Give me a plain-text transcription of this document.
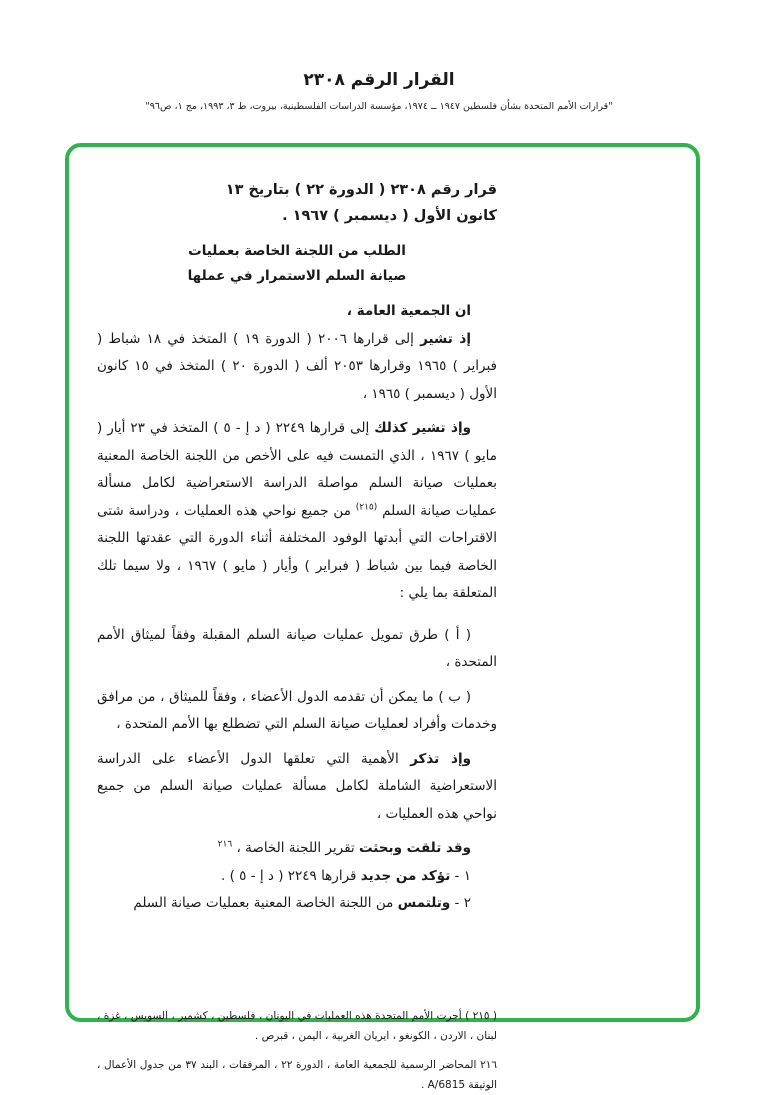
القرار الرقم ٢٣٠٨
"قرارات الأمم المتحدة بشأن فلسطين ١٩٤٧ ــ ١٩٧٤، مؤسسة الدراسات الفلسطينية، بيروت، ط ٣، ١٩٩٣، مج ١، ص٩٦"

قرار رقم ٢٣٠٨ ( الدورة ٢٢ ) بتاريخ ١٣ كانون الأول ( ديسمبر ) ١٩٦٧ .

الطلب من اللجنة الخاصة بعمليات
صيانة السلم الاستمرار في عملها

ان الجمعية العامة ،

إذ تشير إلى قرارها ٢٠٠٦ ( الدورة ١٩ ) المتخذ في ١٨ شباط ( فبراير ) ١٩٦٥ وقرارها ٢٠٥٣ ألف ( الدورة ٢٠ ) المتخذ في ١٥ كانون الأول ( ديسمبر ) ١٩٦٥ ،

وإذ تشير كذلك إلى قرارها ٢٢٤٩ ( د إ - ٥ ) المتخذ في ٢٣ أيار ( مايو ) ١٩٦٧ ، الذي التمست فيه على الأخص من اللجنة الخاصة المعنية بعمليات صيانة السلم مواصلة الدراسة الاستعراضية لكامل مسألة عمليات صيانة السلم $^{(٢١٥)}$ من جميع نواحي هذه العمليات ، ودراسة شتى الاقتراحات التي أبدتها الوفود المختلفة أثناء الدورة التي عقدتها اللجنة الخاصة فيما بين شباط ( فبراير ) وأيار ( مايو ) ١٩٦٧ ، ولا سيما تلك المتعلقة بما يلي :

( أ ) طرق تمويل عمليات صيانة السلم المقبلة وفقاً لميثاق الأمم المتحدة ،

( ب ) ما يمكن أن تقدمه الدول الأعضاء ، وفقاً للميثاق ، من مرافق وخدمات وأفراد لعمليات صيانة السلم التي تضطلع بها الأمم المتحدة ،

وإذ تذكر الأهمية التي تعلقها الدول الأعضاء على الدراسة الاستعراضية الشاملة لكامل مسألة عمليات صيانة السلم من جميع نواحي هذه العمليات ،

وقد تلقت وبحثت تقرير اللجنة الخاصة ، $^{٢١٦}$

١ - تؤكد من جديد قرارها ٢٢٤٩ ( د إ - ٥ ) .

٢ - وتلتمس من اللجنة الخاصة المعنية بعمليات صيانة السلم

( ٢١٥ ) أجرت الأمم المتحدة هذه العمليات في اليونان ، فلسطين ، كشمير ، السويس ، غزة ، لبنان ، الاردن ، الكونغو ، ايريان الغربية ، اليمن ، قبرص .

٢١٦ المحاضر الرسمية للجمعية العامة ، الدورة ٢٢ ، المرفقات ، البند ٣٧ من جدول الأعمال ، الوثيقة A/6815 .
